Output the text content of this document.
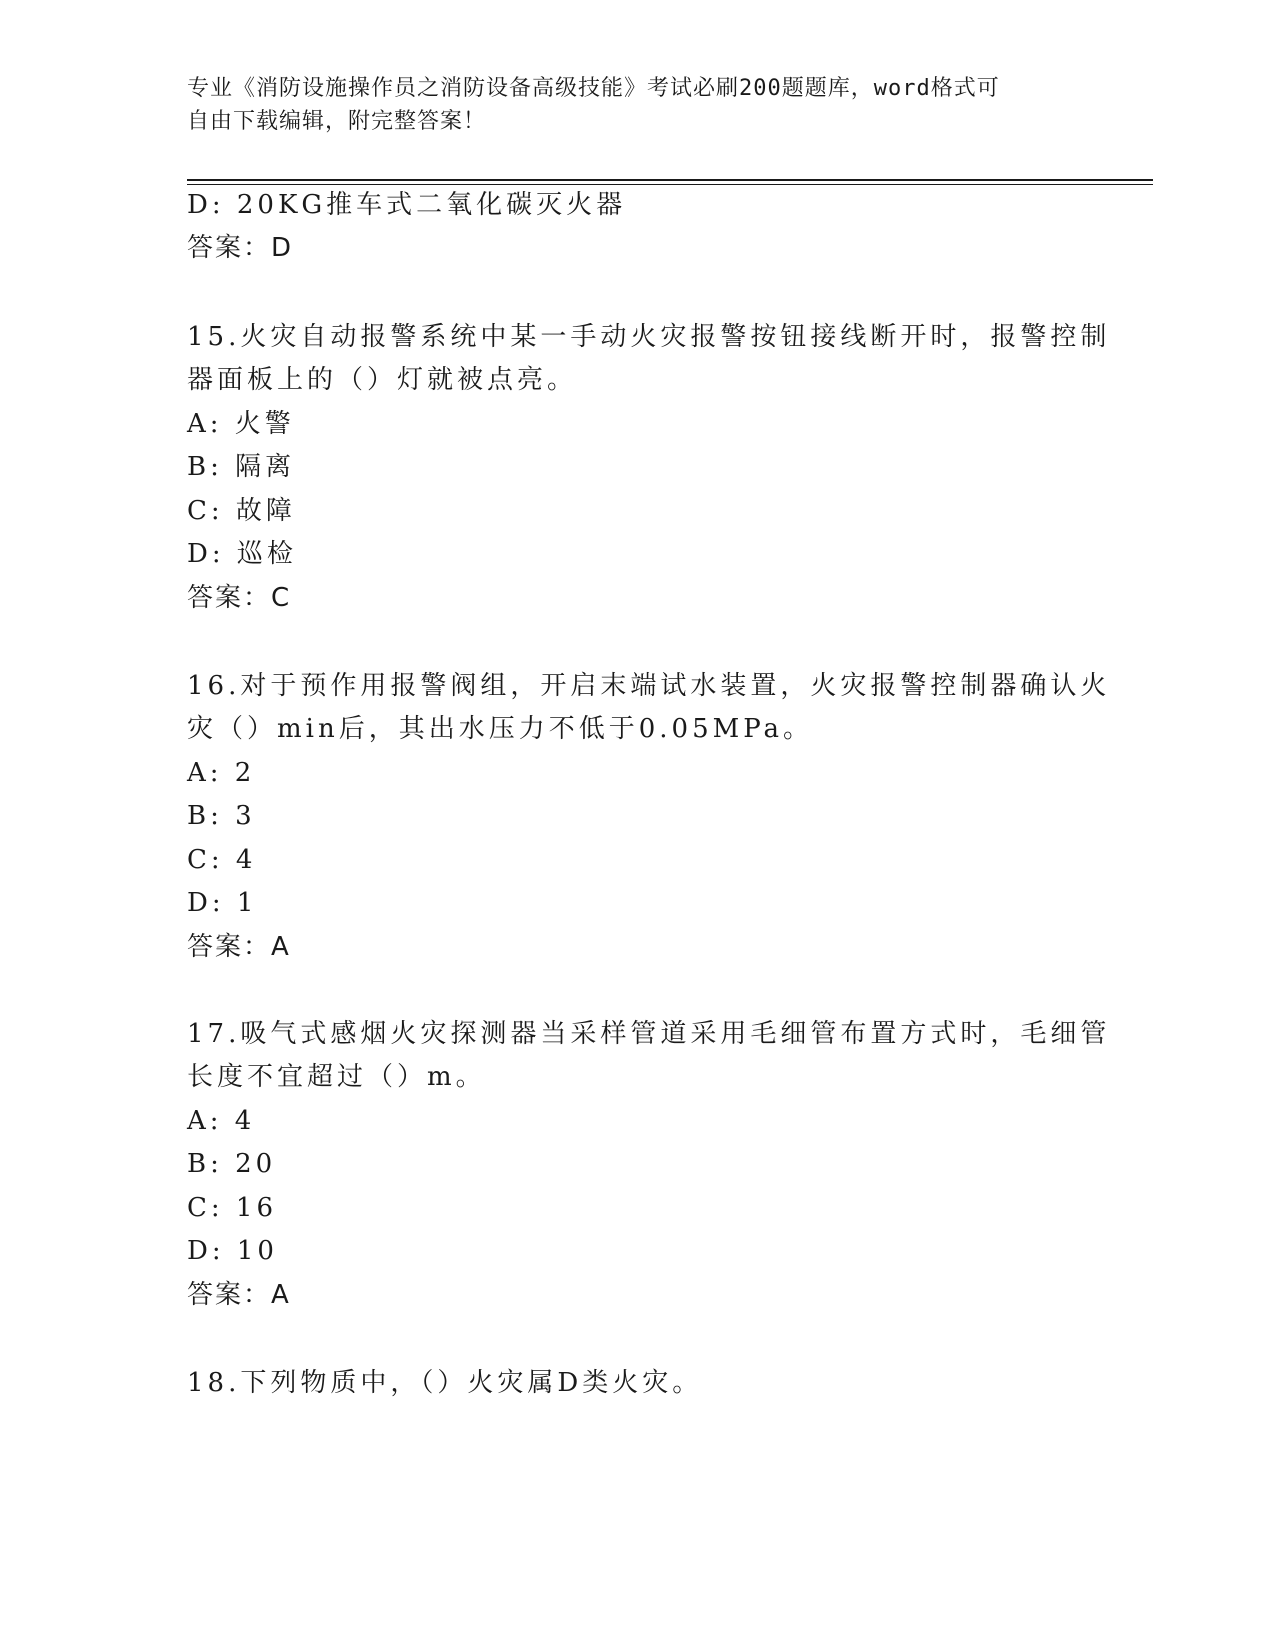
专业《消防设施操作员之消防设备高级技能》考试必刷200题题库，word格式可
自由下载编辑，附完整答案！
D: 20KG推车式二氧化碳灭火器
答案：D
15.火灾自动报警系统中某一手动火灾报警按钮接线断开时，报警控制
器面板上的（）灯就被点亮。
A: 火警
B: 隔离
C: 故障
D: 巡检
答案：C
16.对于预作用报警阀组，开启末端试水装置，火灾报警控制器确认火
灾（）min后，其出水压力不低于0.05MPa。
A: 2
B: 3
C: 4
D: 1
答案：A
17.吸气式感烟火灾探测器当采样管道采用毛细管布置方式时，毛细管
长度不宜超过（）m。
A: 4
B: 20
C: 16
D: 10
答案：A
18.下列物质中，（）火灾属D类火灾。
